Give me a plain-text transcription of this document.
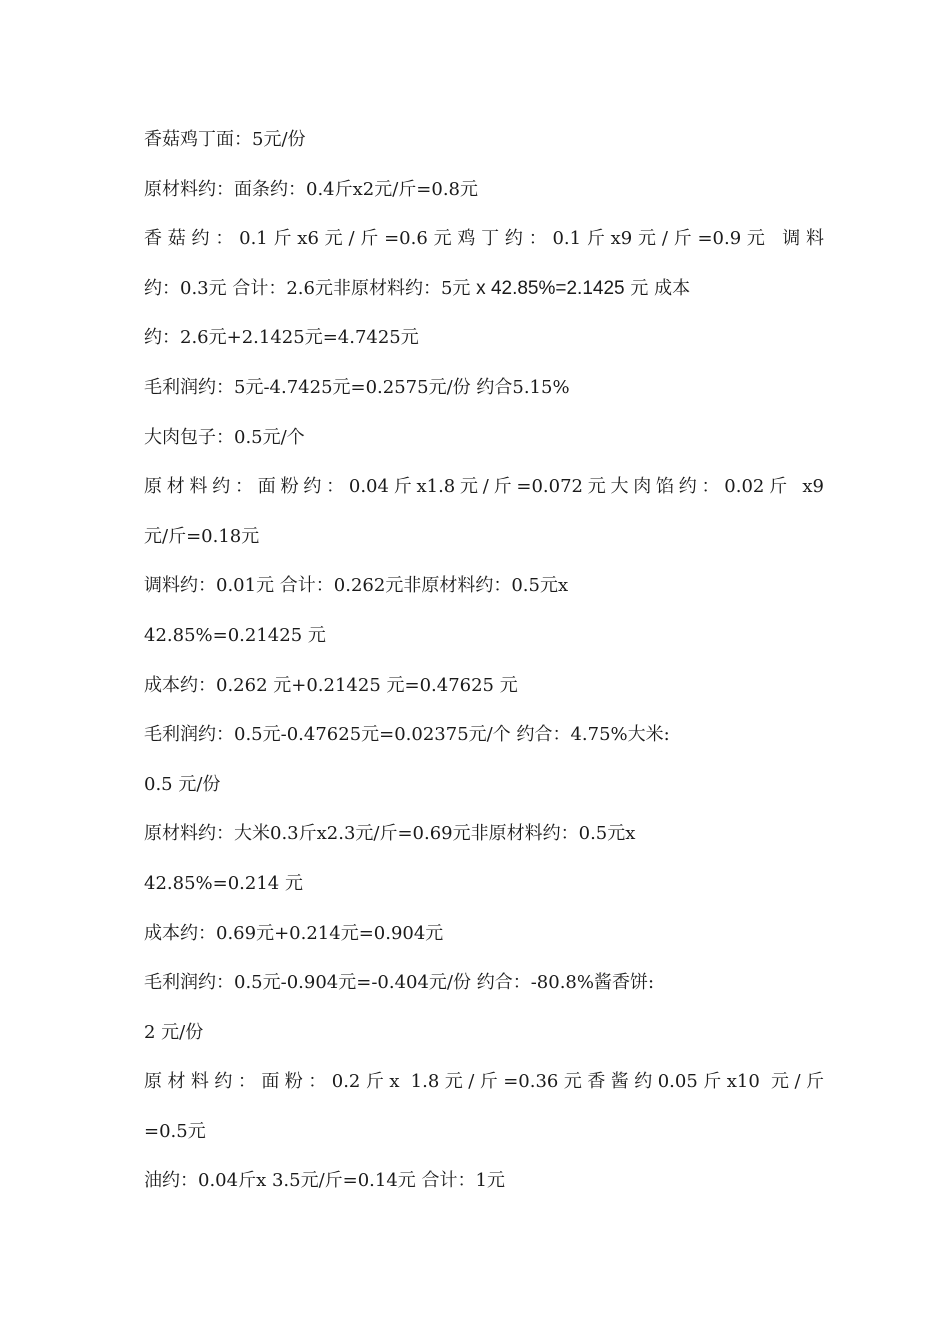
香菇鸡丁面：5元/份

原材料约：面条约：0.4斤x2元/斤=0.8元

香菇约：0.1斤x6元/斤=0.6元鸡丁约：0.1斤x9元/斤=0.9元 调料

约：0.3元 合计：2.6元非原材料约：5元 x 42.85%=2.1425 元 成本

约：2.6元+2.1425元=4.7425元

毛利润约：5元-4.7425元=0.2575元/份 约合5.15%

大肉包子：0.5元/个

原材料约：面粉约：0.04斤x1.8元/斤=0.072元大肉馅约：0.02斤 x9

元/斤=0.18元

调料约：0.01元 合计：0.262元非原材料约：0.5元x

42.85%=0.21425 元

成本约：0.262 元+0.21425 元=0.47625 元

毛利润约：0.5元-0.47625元=0.02375元/个 约合：4.75%大米:

0.5 元/份

原材料约：大米0.3斤x2.3元/斤=0.69元非原材料约：0.5元x

42.85%=0.214 元

成本约：0.69元+0.214元=0.904元

毛利润约：0.5元-0.904元=-0.404元/份 约合：-80.8%酱香饼:

2 元/份

原材料约：面粉：0.2斤x 1.8元/斤=0.36元香酱约0.05斤x10 元/斤

=0.5元

油约：0.04斤x 3.5元/斤=0.14元 合计：1元
